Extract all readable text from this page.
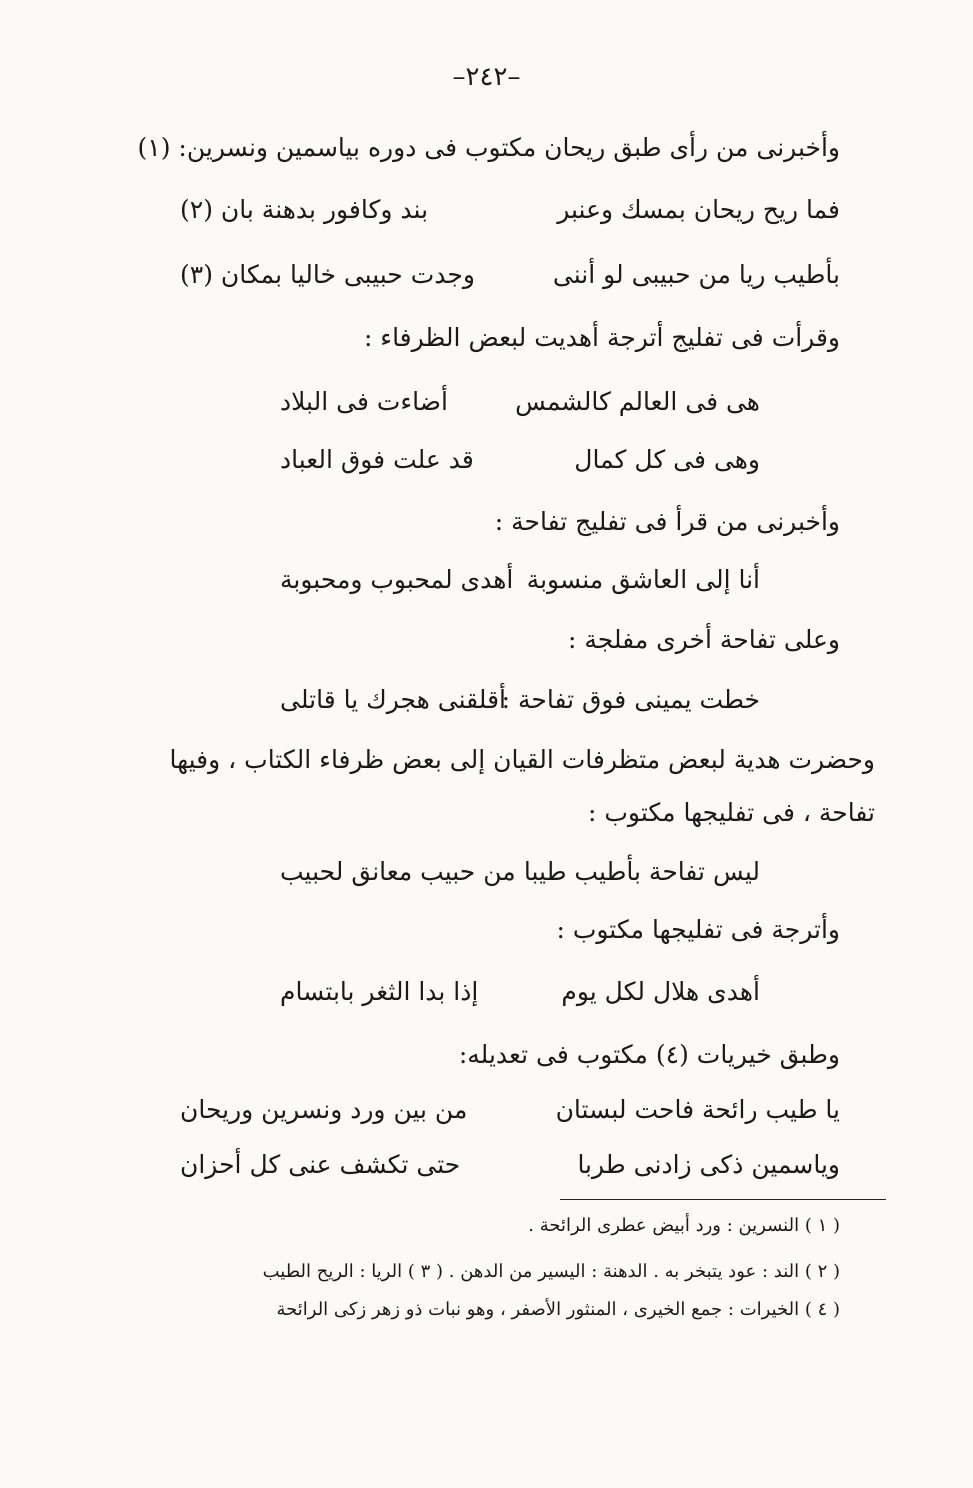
–٢٤٢–
وأخبرنى من رأى طبق ريحان مكتوب فى دوره بياسمين ونسرين: (١)
فما ريح ريحان بمسك وعنبر
بند وكافور بدهنة بان (٢)
بأطيب ريا من حبيبى لو أننى
وجدت حبيبى خاليا بمكان (٣)
وقرأت فى تفليج أترجة أهديت لبعض الظرفاء :
هى فى العالم كالشمس
أضاءت فى البلاد
وهى فى كل كمال
قد علت فوق العباد
وأخبرنى من قرأ فى تفليج تفاحة :
أنا إلى العاشق منسوبة
أهدى لمحبوب ومحبوبة
وعلى تفاحة أخرى مفلجة :
خطت يمينى فوق تفاحة :
أقلقنى هجرك يا قاتلى
وحضرت هدية لبعض متظرفات القيان إلى بعض ظرفاء الكتاب ، وفيها
تفاحة ، فى تفليجها مكتوب :
ليس تفاحة بأطيب طيبا
من حبيب معانق لحبيب
وأترجة فى تفليجها مكتوب :
أهدى هلال لكل يوم
إذا بدا الثغر بابتسام
وطبق خيريات (٤) مكتوب فى تعديله:
يا طيب رائحة فاحت لبستان
من بين ورد ونسرين وريحان
وياسمين ذكى زادنى طربا
حتى تكشف عنى كل أحزان
( ١ ) النسرين : ورد أبيض عطرى الرائحة .
( ٢ ) الند : عود يتبخر به . الدهنة : اليسير من الدهن . ( ٣ ) الريا : الريح الطيب
( ٤ ) الخيرات : جمع الخيرى ، المنثور الأصفر ، وهو نبات ذو زهر زكى الرائحة
